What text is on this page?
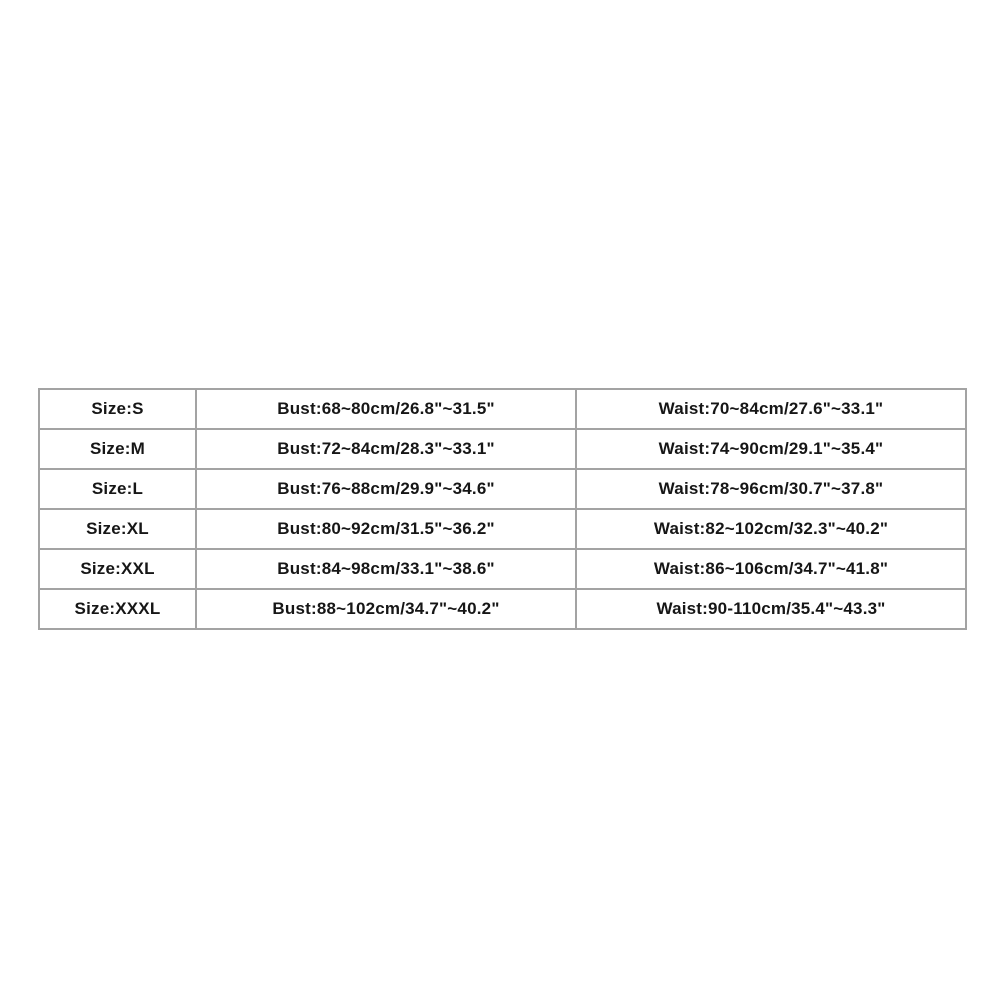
Size:S	Bust:68~80cm/26.8"~31.5"	Waist:70~84cm/27.6"~33.1"
Size:M	Bust:72~84cm/28.3"~33.1"	Waist:74~90cm/29.1"~35.4"
Size:L	Bust:76~88cm/29.9"~34.6"	Waist:78~96cm/30.7"~37.8"
Size:XL	Bust:80~92cm/31.5"~36.2"	Waist:82~102cm/32.3"~40.2"
Size:XXL	Bust:84~98cm/33.1"~38.6"	Waist:86~106cm/34.7"~41.8"
Size:XXXL	Bust:88~102cm/34.7"~40.2"	Waist:90-110cm/35.4"~43.3"
